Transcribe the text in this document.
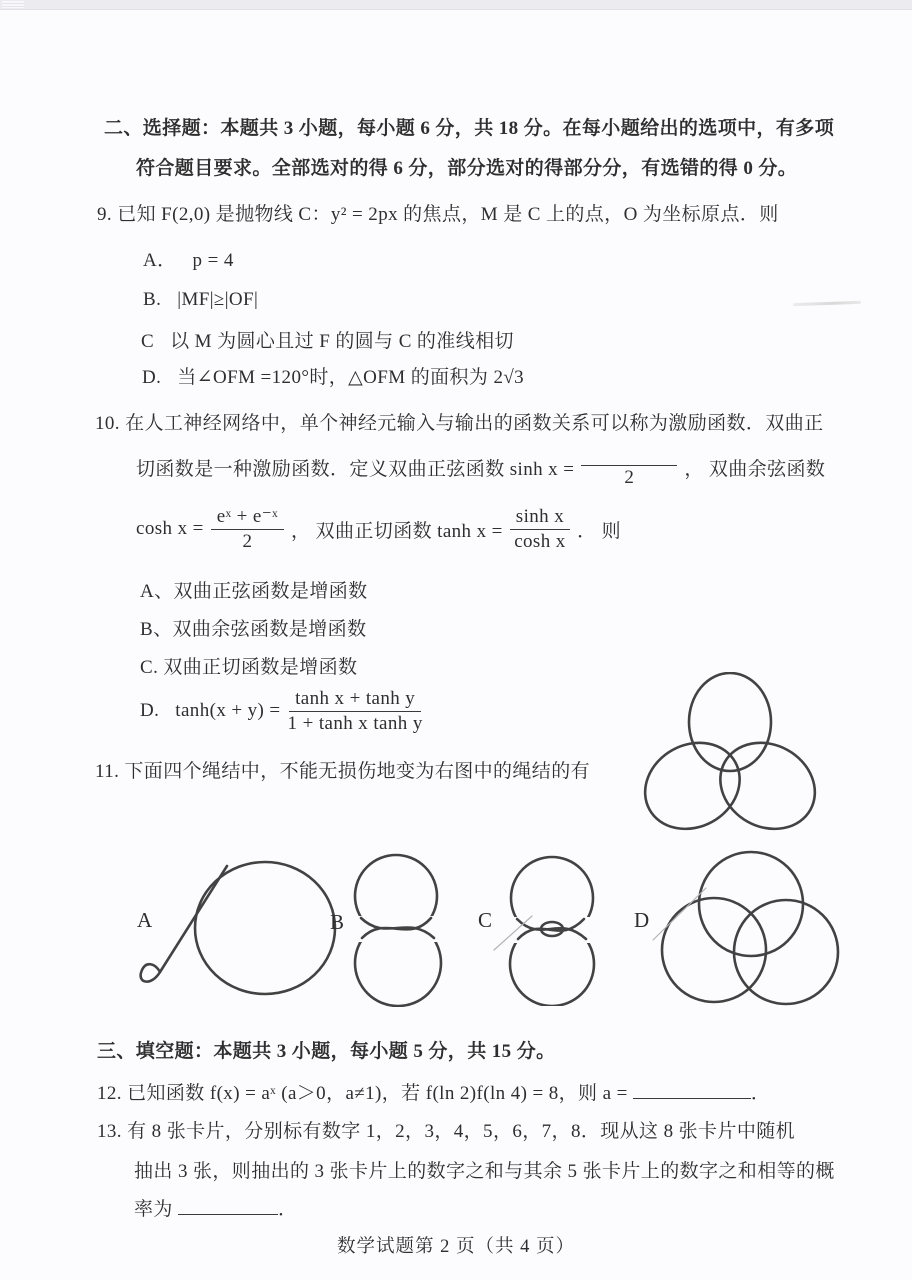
二、选择题：本题共 3 小题，每小题 6 分，共 18 分。在每小题给出的选项中，有多项
符合题目要求。全部选对的得 6 分，部分选对的得部分分，有选错的得 0 分。
9. 已知 F(2,0) 是抛物线 C：y² = 2px 的焦点，M 是 C 上的点，O 为坐标原点．则
A． p = 4
B. |MF|≥|OF|
C 以 M 为圆心且过 F 的圆与 C 的准线相切
D. 当∠OFM =120°时，△OFM 的面积为 2√3
10. 在人工神经网络中，单个神经元输入与输出的函数关系可以称为激励函数．双曲正
切函数是一种激励函数．定义双曲正弦函数 sinh x =	2	， 双曲余弦函数
$\cosh x = \frac{\text{eˣ + e⁻ˣ}}{2}$ ， 双曲正切函数 $\tanh x = \frac{\text{sinh x}}{\text{cosh x}}$ ． 则
A、双曲正弦函数是增函数
B、双曲余弦函数是增函数
C. 双曲正切函数是增函数
D. $\tanh(x + y) = \frac{\text{tanh x + tanh y}}{\text{1 + tanh x tanh y}}$
11. 下面四个绳结中，不能无损伤地变为右图中的绳结的有
A	B	C	D
三、填空题：本题共 3 小题，每小题 5 分，共 15 分。
12. 已知函数 f(x) = aˣ (a＞0，a≠1)，若 f(ln 2)f(ln 4) = 8，则 a =	．
13. 有 8 张卡片，分别标有数字 1，2，3，4，5，6，7，8．现从这 8 张卡片中随机
抽出 3 张，则抽出的 3 张卡片上的数字之和与其余 5 张卡片上的数字之和相等的概
率为	．
数学试题第 2 页（共 4 页）
